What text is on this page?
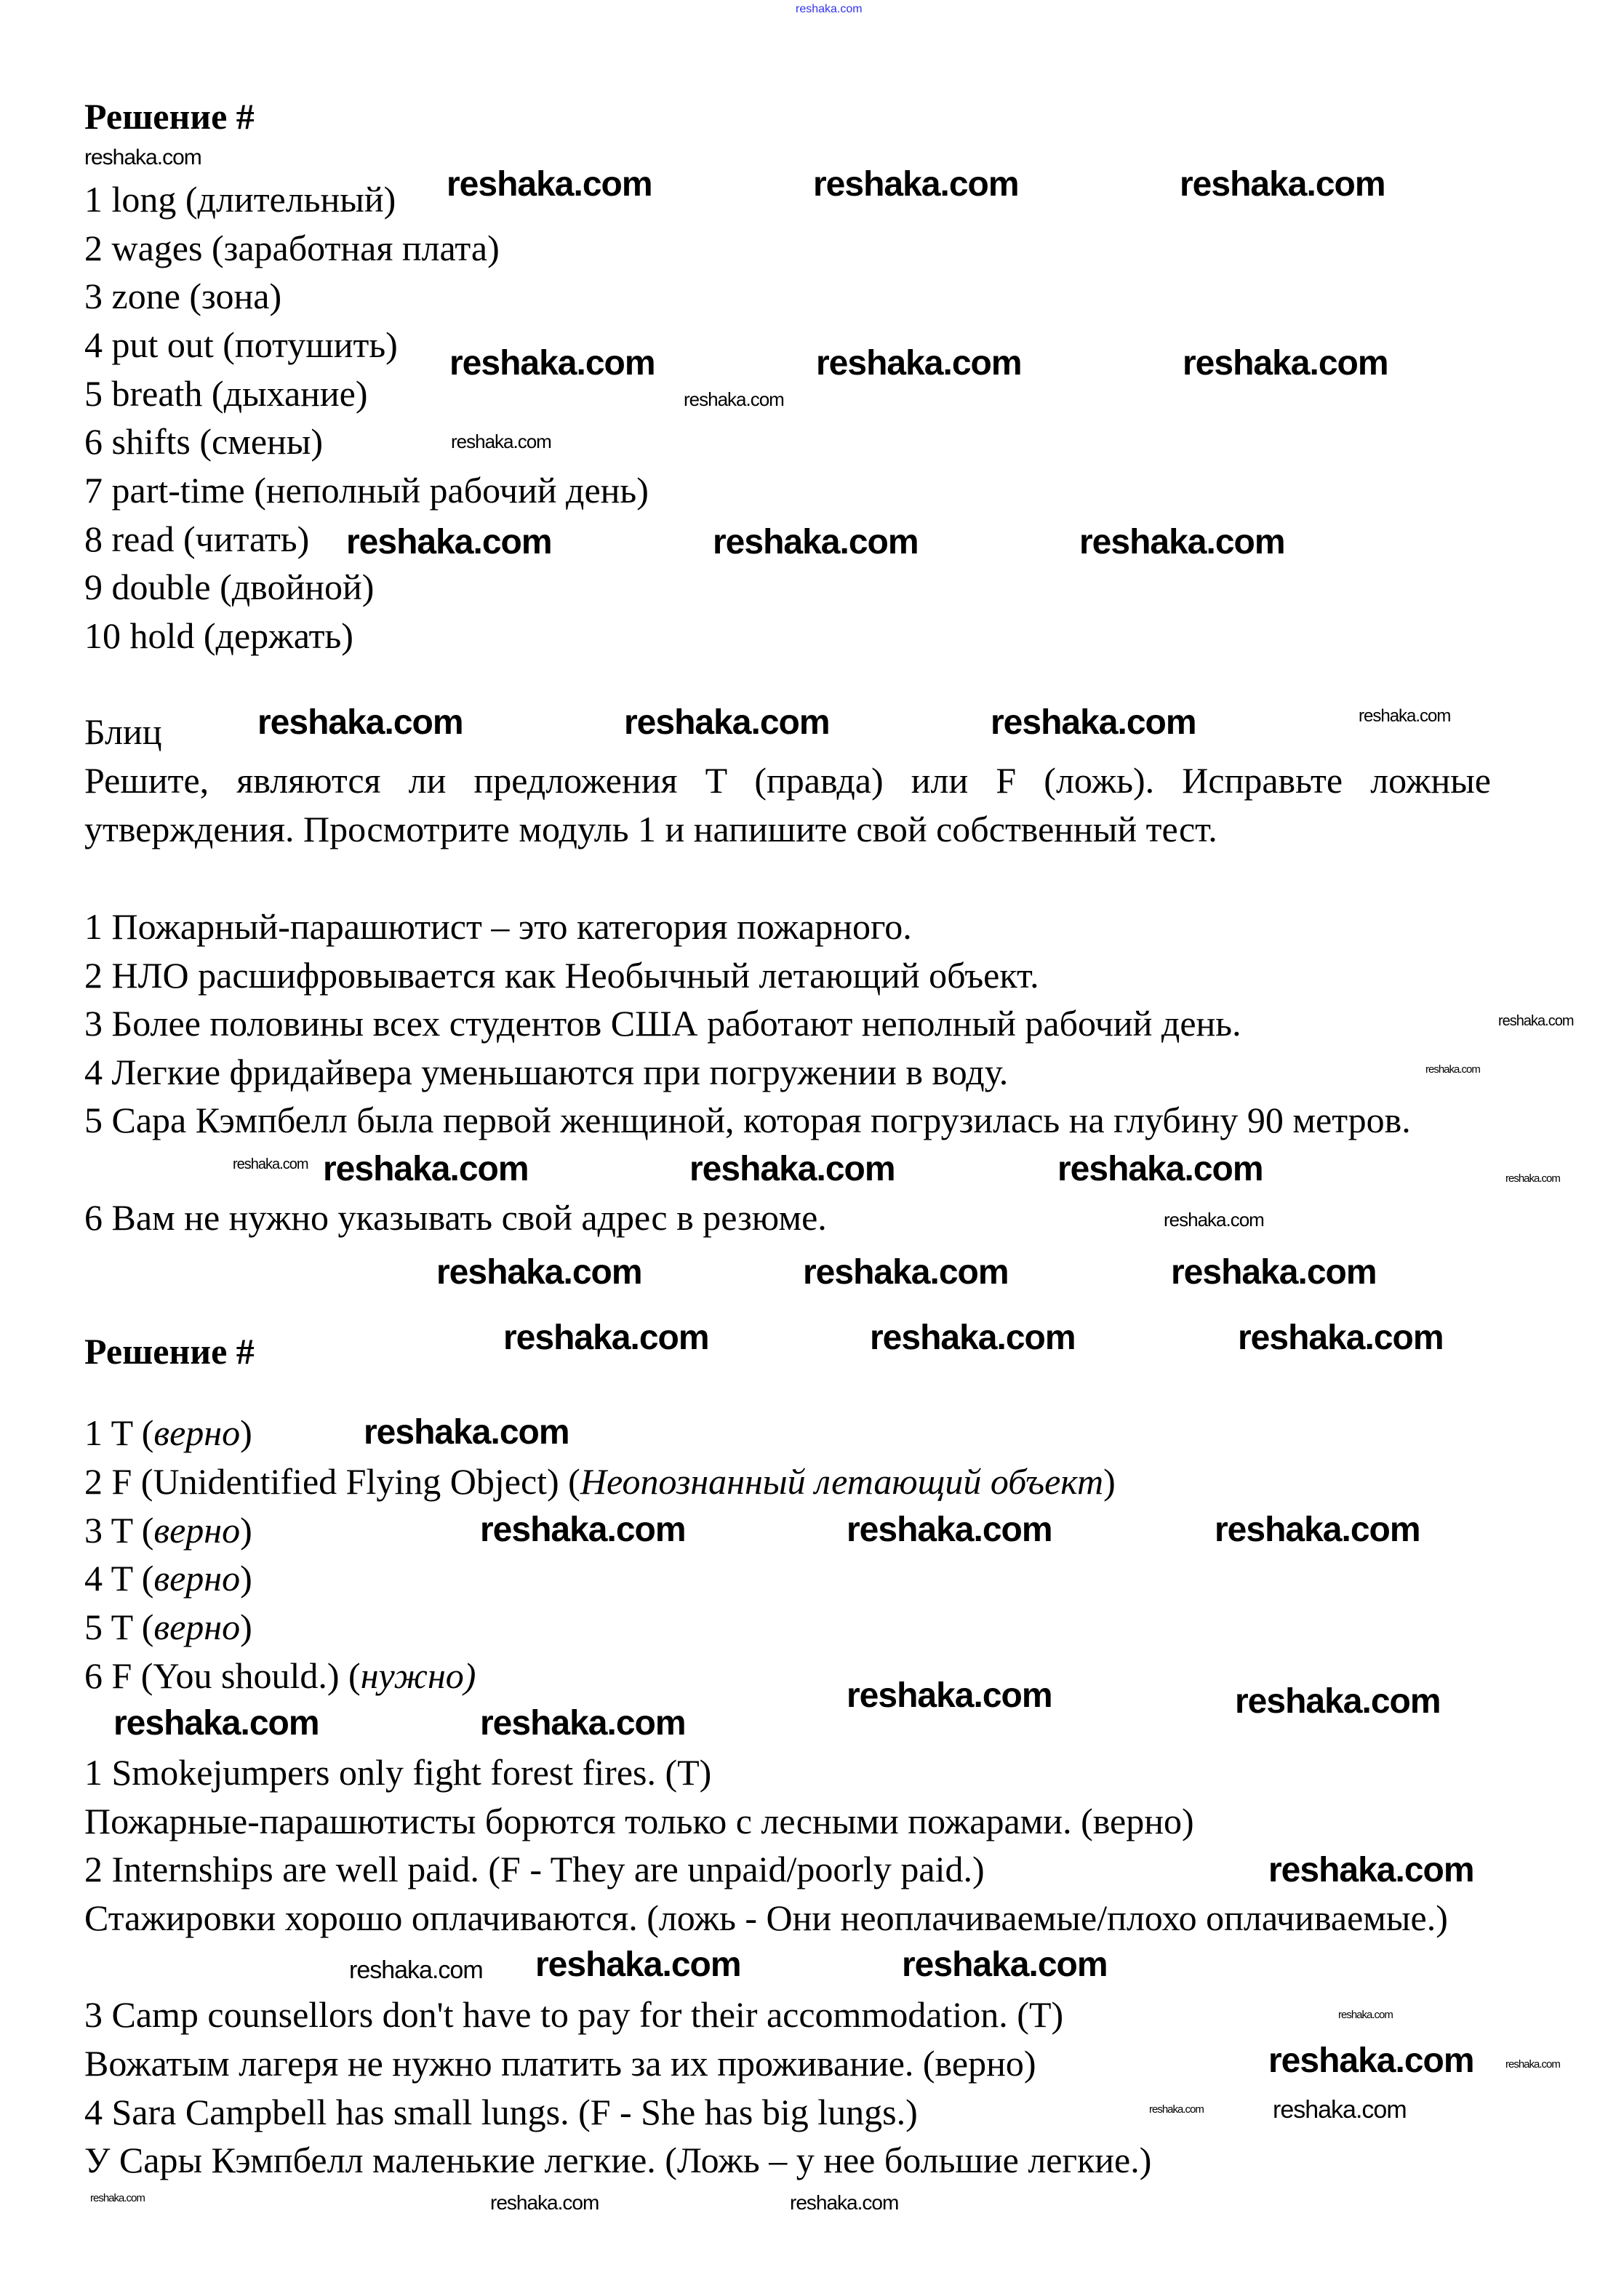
reshaka.com
Решение #
1 long (длительный)
2 wages (заработная плата)
3 zone (зона)
4 put out (потушить)
5 breath (дыхание)
6 shifts (смены)
7 part-time (неполный рабочий день)
8 read (читать)
9 double (двойной)
10 hold (держать)
Блиц
Решите, являются ли предложения T (правда) или F (ложь). Исправьте ложные утверждения. Просмотрите модуль 1 и напишите свой собственный тест.
1 Пожарный-парашютист – это категория пожарного.
2 НЛО расшифровывается как Необычный летающий объект.
3 Более половины всех студентов США работают неполный рабочий день.
4 Легкие фридайвера уменьшаются при погружении в воду.
5 Сара Кэмпбелл была первой женщиной, которая погрузилась на глубину 90 метров.
6 Вам не нужно указывать свой адрес в резюме.
Решение #
1 T (верно)
2 F (Unidentified Flying Object) (Неопознанный летающий объект)
3 T (верно)
4 T (верно)
5 T (верно)
6 F (You should.) (нужно)
1 Smokejumpers only fight forest fires. (T)
Пожарные-парашютисты борются только с лесными пожарами. (верно)
2 Internships are well paid. (F - They are unpaid/poorly paid.)
Стажировки хорошо оплачиваются. (ложь - Они неоплачиваемые/плохо оплачиваемые.)
3 Camp counsellors don't have to pay for their accommodation. (T)
Вожатым лагеря не нужно платить за их проживание. (верно)
4 Sara Campbell has small lungs. (F - She has big lungs.)
У Сары Кэмпбелл маленькие легкие. (Ложь – у нее большие легкие.)
reshaka.com
reshaka.com	reshaka.com	reshaka.com
reshaka.com
reshaka.com	reshaka.com	reshaka.com
reshaka.com
reshaka.com	reshaka.com	reshaka.com
reshaka.com	reshaka.com	reshaka.com	reshaka.com
reshaka.com
reshaka.com	reshaka.com	reshaka.com
reshaka.com
reshaka.com
reshaka.com
reshaka.com
reshaka.com	reshaka.com	reshaka.com
reshaka.com	reshaka.com	reshaka.com
reshaka.com
reshaka.com	reshaka.com	reshaka.com
reshaka.com	reshaka.com
reshaka.com	reshaka.com
reshaka.com
reshaka.com reshaka.com	reshaka.com
reshaka.com
reshaka.com
reshaka.com	reshaka.com
reshaka.com
reshaka.com	reshaka.com
reshaka.com
